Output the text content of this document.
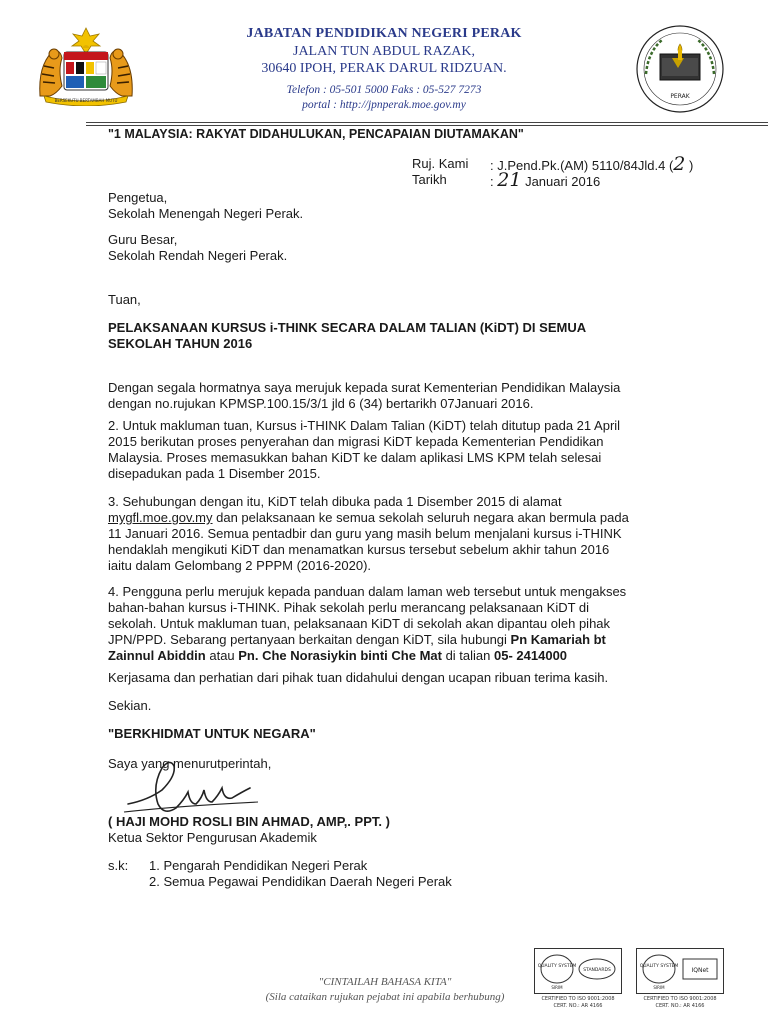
BERSEKUTU BERTAMBAH MUTU
PERAK
JABATAN PENDIDIKAN NEGERI PERAK
JALAN TUN ABDUL RAZAK,
30640 IPOH, PERAK DARUL RIDZUAN.
Telefon : 05-501 5000 Faks : 05-527 7273
portal : http://jpnperak.moe.gov.my
"1 MALAYSIA: RAKYAT DIDAHULUKAN, PENCAPAIAN DIUTAMAKAN"
Ruj. Kami : J.Pend.Pk.(AM) 5110/84Jld.4 (2 )
Tarikh	: 21 Januari 2016
Pengetua,
Sekolah Menengah Negeri Perak.
Guru Besar,
Sekolah Rendah Negeri Perak.
Tuan,
PELAKSANAAN KURSUS i-THINK SECARA DALAM TALIAN (KiDT) DI SEMUA SEKOLAH TAHUN 2016
Dengan segala hormatnya saya merujuk kepada surat Kementerian Pendidikan Malaysia dengan no.rujukan KPMSP.100.15/3/1 jld 6 (34) bertarikh 07Januari 2016.
2. Untuk makluman tuan, Kursus i-THINK Dalam Talian (KiDT) telah ditutup pada 21 April 2015 berikutan proses penyerahan dan migrasi KiDT kepada Kementerian Pendidikan Malaysia. Proses memasukkan bahan KiDT ke dalam aplikasi LMS KPM telah selesai disepadukan pada 1 Disember 2015.
3. Sehubungan dengan itu, KiDT telah dibuka pada 1 Disember 2015 di alamat mygfl.moe.gov.my dan pelaksanaan ke semua sekolah seluruh negara akan bermula pada 11 Januari 2016. Semua pentadbir dan guru yang masih belum menjalani kursus i-THINK hendaklah mengikuti KiDT dan menamatkan kursus tersebut sebelum akhir tahun 2016 iaitu dalam Gelombang 2 PPPM (2016-2020).
4. Pengguna perlu merujuk kepada panduan dalam laman web tersebut untuk mengakses bahan-bahan kursus i-THINK. Pihak sekolah perlu merancang pelaksanaan KiDT di sekolah. Untuk makluman tuan, pelaksanaan KiDT di sekolah akan dipantau oleh pihak JPN/PPD. Sebarang pertanyaan berkaitan dengan KiDT, sila hubungi Pn Kamariah bt Zainnul Abiddin atau Pn. Che Norasiykin binti Che Mat di talian 05- 2414000
Kerjasama dan perhatian dari pihak tuan didahului dengan ucapan ribuan terima kasih.
Sekian.
"BERKHIDMAT UNTUK NEGARA"
Saya yang menurutperintah,
( HAJI MOHD ROSLI BIN AHMAD, AMP,. PPT. )
Ketua Sektor Pengurusan Akademik
s.k: 1. Pengarah Pendidikan Negeri Perak
2. Semua Pegawai Pendidikan Daerah Negeri Perak
"CINTAILAH BAHASA KITA"
(Sila cataikan rujukan pejabat ini apabila berhubung)
QUALITY SYSTEM
SIRIM
STANDARDS
CERTIFIED TO ISO 9001:2008
CERT. NO.: AR 4166
QUALITY SYSTEM
SIRIM
IQNet
CERTIFIED TO ISO 9001:2008
CERT. NO.: AR 4166
